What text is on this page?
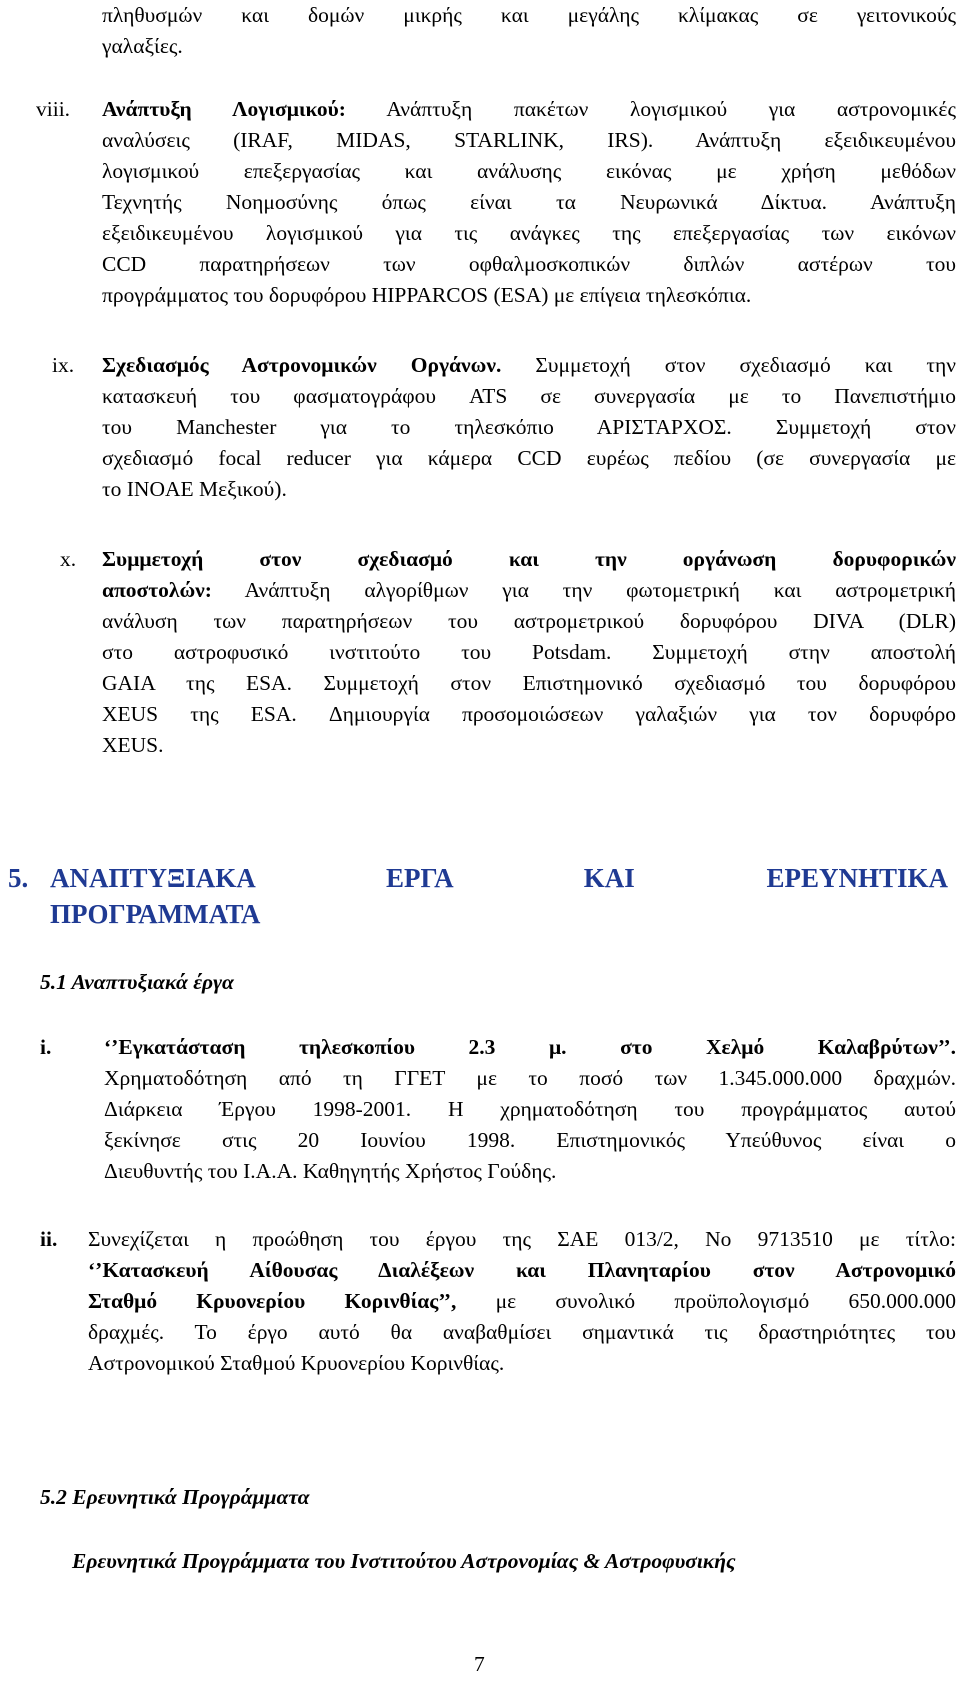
πληθυσμών και δομών μικρής και μεγάλης κλίμακας σε γειτονικούς
γαλαξίες.
viii. Ανάπτυξη Λογισμικού: Ανάπτυξη πακέτων λογισμικού για αστρονομικές
αναλύσεις (IRAF, MIDAS, STARLINK, IRS). Ανάπτυξη εξειδικευμένου
λογισμικού επεξεργασίας και ανάλυσης εικόνας με χρήση μεθόδων
Τεχνητής Νοημοσύνης όπως είναι τα Νευρωνικά Δίκτυα. Ανάπτυξη
εξειδικευμένου λογισμικού για τις ανάγκες της επεξεργασίας των εικόνων
CCD παρατηρήσεων των οφθαλμοσκοπικών διπλών αστέρων του
προγράμματος του δορυφόρου HIPPARCOS (ESA) με επίγεια τηλεσκόπια.
ix. Σχεδιασμός Αστρονομικών Οργάνων. Συμμετοχή στον σχεδιασμό και την
κατασκευή του φασματογράφου ATS σε συνεργασία με το Πανεπιστήμιο
του Manchester για το τηλεσκόπιο ΑΡΙΣΤΑΡΧΟΣ. Συμμετοχή στον
σχεδιασμό focal reducer για κάμερα CCD ευρέως πεδίου (σε συνεργασία με
το INOAE Μεξικού).
x. Συμμετοχή στον σχεδιασμό και την οργάνωση δορυφορικών
αποστολών: Ανάπτυξη αλγορίθμων για την φωτομετρική και αστρομετρική
ανάλυση των παρατηρήσεων του αστρομετρικού δορυφόρου DIVA (DLR)
στο αστροφυσικό ινστιτούτο του Potsdam. Συμμετοχή στην αποστολή
GAIA της ESA. Συμμετοχή στον Επιστημονικό σχεδιασμό του δορυφόρου
XEUS της ESA. Δημιουργία προσομοιώσεων γαλαξιών για τον δορυφόρο
XEUS.
5. ΑΝΑΠΤΥΞΙΑΚΑ ΕΡΓΑ ΚΑΙ ΕΡΕΥΝΗΤΙΚΑ
ΠΡΟΓΡΑΜΜΑΤΑ
5.1 Αναπτυξιακά έργα
i. ‘’Εγκατάσταση τηλεσκοπίου 2.3 μ. στο Χελμό Καλαβρύτων’’.
Χρηματοδότηση από τη ΓΓΕΤ με το ποσό των 1.345.000.000 δραχμών.
Διάρκεια Έργου 1998-2001. Η χρηματοδότηση του προγράμματος αυτού
ξεκίνησε στις 20 Ιουνίου 1998. Επιστημονικός Υπεύθυνος είναι ο
Διευθυντής του Ι.Α.Α. Καθηγητής Χρήστος Γούδης.
ii. Συνεχίζεται η προώθηση του έργου της ΣΑΕ 013/2, Νο 9713510 με τίτλο:
‘’Κατασκευή Αίθουσας Διαλέξεων και Πλανηταρίου στον Αστρονομικό
Σταθμό Κρυονερίου Κορινθίας’’, με συνολικό προϋπολογισμό 650.000.000
δραχμές. Το έργο αυτό θα αναβαθμίσει σημαντικά τις δραστηριότητες του
Αστρονομικού Σταθμού Κρυονερίου Κορινθίας.
5.2 Ερευνητικά Προγράμματα
Ερευνητικά Προγράμματα του Ινστιτούτου Αστρονομίας & Αστροφυσικής
7
